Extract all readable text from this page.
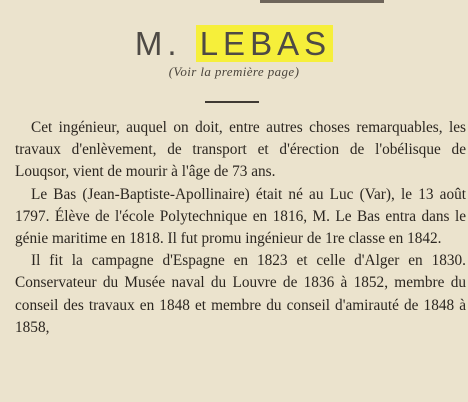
M. LEBAS
(Voir la première page)

Cet ingénieur, auquel on doit, entre autres choses remarquables, les travaux d'enlèvement, de transport et d'érection de l'obélisque de Louqsor, vient de mourir à l'âge de 73 ans.

Le Bas (Jean-Baptiste-Apollinaire) était né au Luc (Var), le 13 août 1797. Élève de l'école Polytechnique en 1816, M. Le Bas entra dans le génie maritime en 1818. Il fut promu ingénieur de 1re classe en 1842.

Il fit la campagne d'Espagne en 1823 et celle d'Alger en 1830. Conservateur du Musée naval du Louvre de 1836 à 1852, membre du conseil des travaux en 1848 et membre du conseil d'amirauté de 1848 à 1858,
